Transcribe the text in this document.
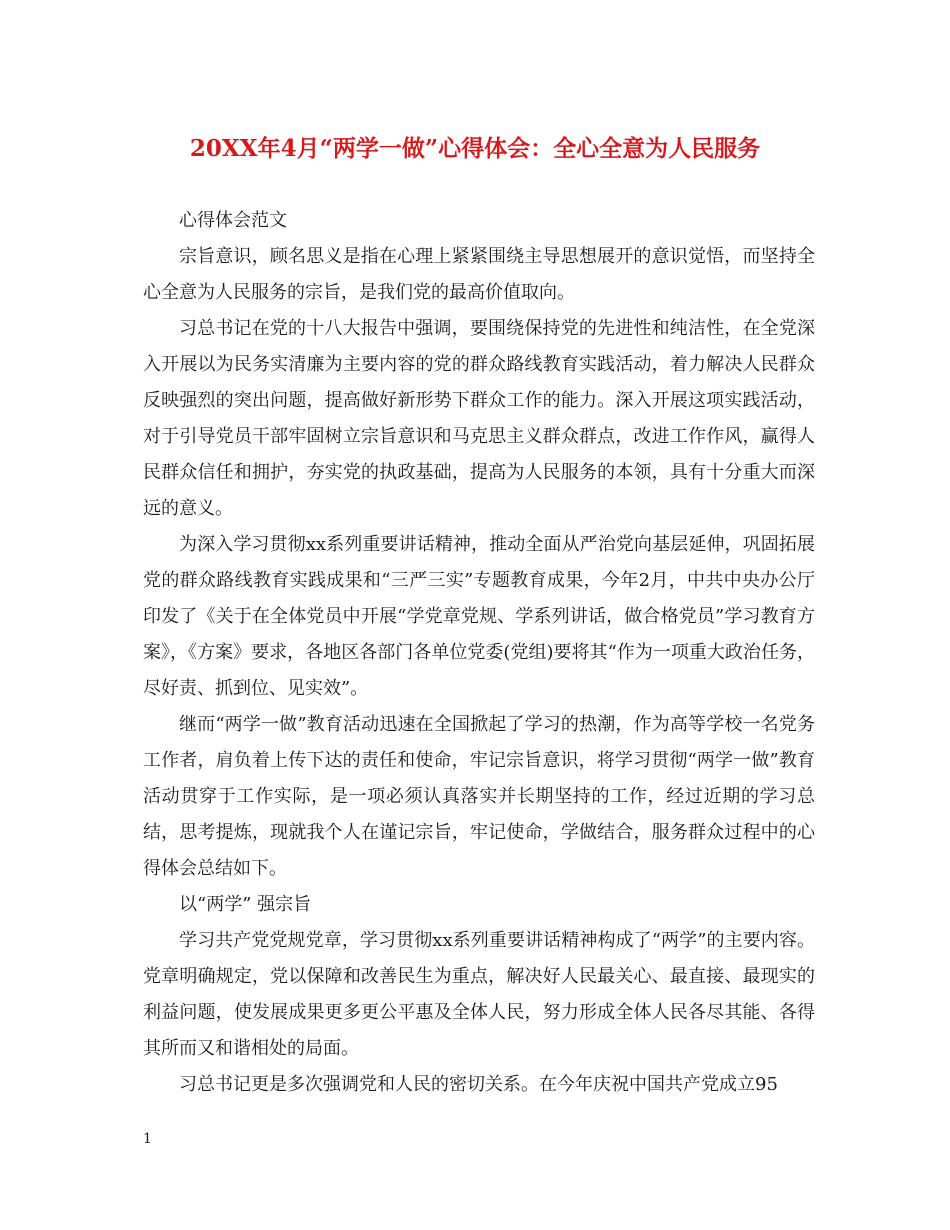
20XX年4月“两学一做”心得体会：全心全意为人民服务

心得体会范文

宗旨意识，顾名思义是指在心理上紧紧围绕主导思想展开的意识觉悟，而坚持全心全意为人民服务的宗旨，是我们党的最高价值取向。

习总书记在党的十八大报告中强调，要围绕保持党的先进性和纯洁性，在全党深入开展以为民务实清廉为主要内容的党的群众路线教育实践活动，着力解决人民群众反映强烈的突出问题，提高做好新形势下群众工作的能力。深入开展这项实践活动，对于引导党员干部牢固树立宗旨意识和马克思主义群众群点，改进工作作风，赢得人民群众信任和拥护，夯实党的执政基础，提高为人民服务的本领，具有十分重大而深远的意义。

为深入学习贯彻xx系列重要讲话精神，推动全面从严治党向基层延伸，巩固拓展党的群众路线教育实践成果和“三严三实”专题教育成果，今年2月，中共中央办公厅印发了《关于在全体党员中开展“学党章党规、学系列讲话，做合格党员”学习教育方案》，《方案》要求，各地区各部门各单位党委(党组)要将其“作为一项重大政治任务，尽好责、抓到位、见实效”。

继而“两学一做”教育活动迅速在全国掀起了学习的热潮，作为高等学校一名党务工作者，肩负着上传下达的责任和使命，牢记宗旨意识，将学习贯彻“两学一做”教育活动贯穿于工作实际，是一项必须认真落实并长期坚持的工作，经过近期的学习总结，思考提炼，现就我个人在谨记宗旨，牢记使命，学做结合，服务群众过程中的心得体会总结如下。

以“两学” 强宗旨

学习共产党党规党章，学习贯彻xx系列重要讲话精神构成了“两学”的主要内容。党章明确规定，党以保障和改善民生为重点，解决好人民最关心、最直接、最现实的利益问题，使发展成果更多更公平惠及全体人民，努力形成全体人民各尽其能、各得其所而又和谐相处的局面。

习总书记更是多次强调党和人民的密切关系。在今年庆祝中国共产党成立95

1
